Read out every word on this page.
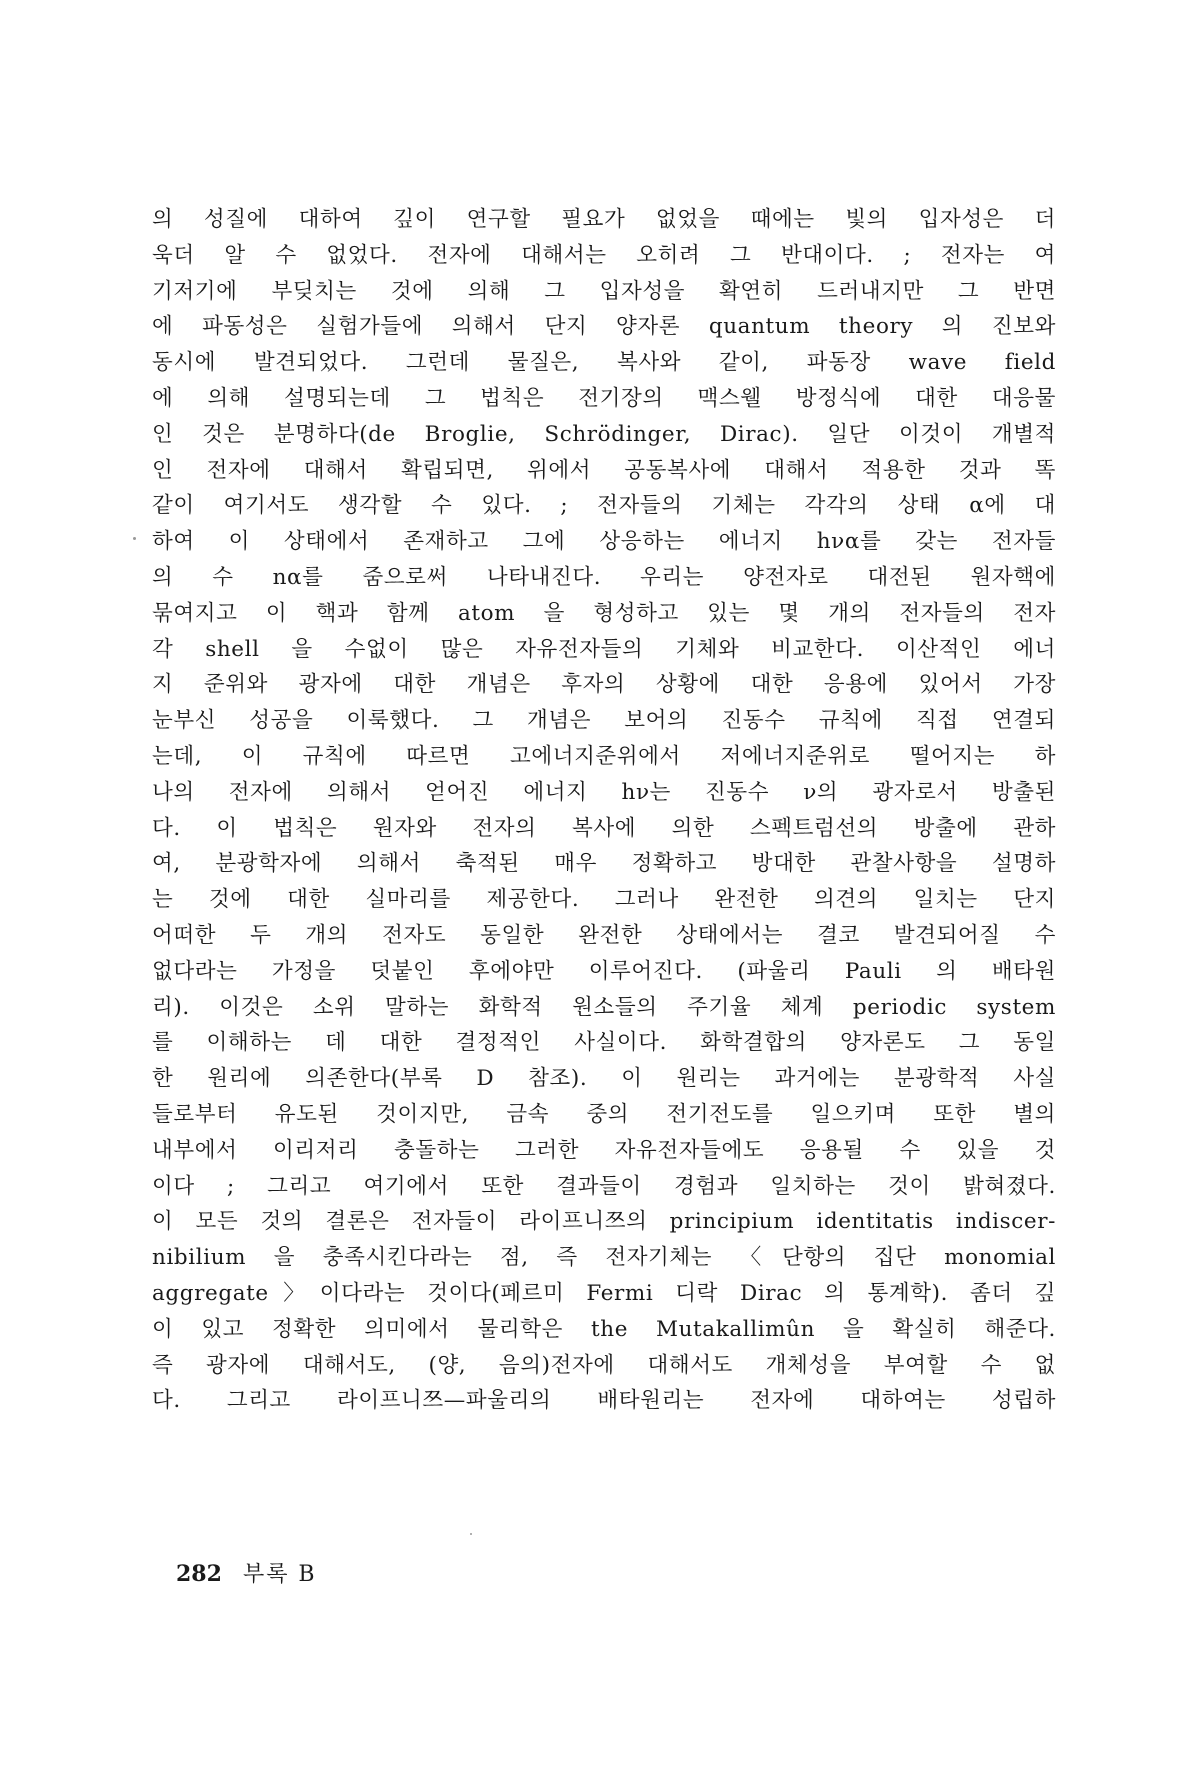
의 성질에 대하여 깊이 연구할 필요가 없었을 때에는 빛의 입자성은 더
욱더 알 수 없었다. 전자에 대해서는 오히려 그 반대이다. ; 전자는 여
기저기에 부딪치는 것에 의해 그 입자성을 확연히 드러내지만 그 반면
에 파동성은 실험가들에 의해서 단지 양자론 quantum theory 의 진보와
동시에 발견되었다. 그런데 물질은, 복사와 같이, 파동장 wave field
에 의해 설명되는데 그 법칙은 전기장의 맥스웰 방정식에 대한 대응물
인 것은 분명하다(de Broglie, Schrödinger, Dirac). 일단 이것이 개별적
인 전자에 대해서 확립되면, 위에서 공동복사에 대해서 적용한 것과 똑
같이 여기서도 생각할 수 있다. ; 전자들의 기체는 각각의 상태 α에 대
하여 이 상태에서 존재하고 그에 상응하는 에너지 hνα를 갖는 전자들
의 수 nα를 줌으로써 나타내진다. 우리는 양전자로 대전된 원자핵에
묶여지고 이 핵과 함께 atom 을 형성하고 있는 몇 개의 전자들의 전자
각 shell 을 수없이 많은 자유전자들의 기체와 비교한다. 이산적인 에너
지 준위와 광자에 대한 개념은 후자의 상황에 대한 응용에 있어서 가장
눈부신 성공을 이룩했다. 그 개념은 보어의 진동수 규칙에 직접 연결되
는데, 이 규칙에 따르면 고에너지준위에서 저에너지준위로 떨어지는 하
나의 전자에 의해서 얻어진 에너지 hν는 진동수 ν의 광자로서 방출된
다. 이 법칙은 원자와 전자의 복사에 의한 스펙트럼선의 방출에 관하
여, 분광학자에 의해서 축적된 매우 정확하고 방대한 관찰사항을 설명하
는 것에 대한 실마리를 제공한다. 그러나 완전한 의견의 일치는 단지
어떠한 두 개의 전자도 동일한 완전한 상태에서는 결코 발견되어질 수
없다라는 가정을 덧붙인 후에야만 이루어진다. (파울리 Pauli 의 배타원
리). 이것은 소위 말하는 화학적 원소들의 주기율 체계 periodic system
를 이해하는 데 대한 결정적인 사실이다. 화학결합의 양자론도 그 동일
한 원리에 의존한다(부록 D 참조). 이 원리는 과거에는 분광학적 사실
들로부터 유도된 것이지만, 금속 중의 전기전도를 일으키며 또한 별의
내부에서 이리저리 충돌하는 그러한 자유전자들에도 응용될 수 있을 것
이다 ; 그리고 여기에서 또한 결과들이 경험과 일치하는 것이 밝혀졌다.
이 모든 것의 결론은 전자들이 라이프니쯔의 principium identitatis indiscer-
nibilium 을 충족시킨다라는 점, 즉 전자기체는 〈단항의 집단 monomial
aggregate〉이다라는 것이다(페르미 Fermi 디락 Dirac 의 통계학). 좀더 깊
이 있고 정확한 의미에서 물리학은 the Mutakallimûn 을 확실히 해준다.
즉 광자에 대해서도, (양, 음의)전자에 대해서도 개체성을 부여할 수 없
다. 그리고 라이프니쯔—파울리의 배타원리는 전자에 대하여는 성립하
282 부록 B
